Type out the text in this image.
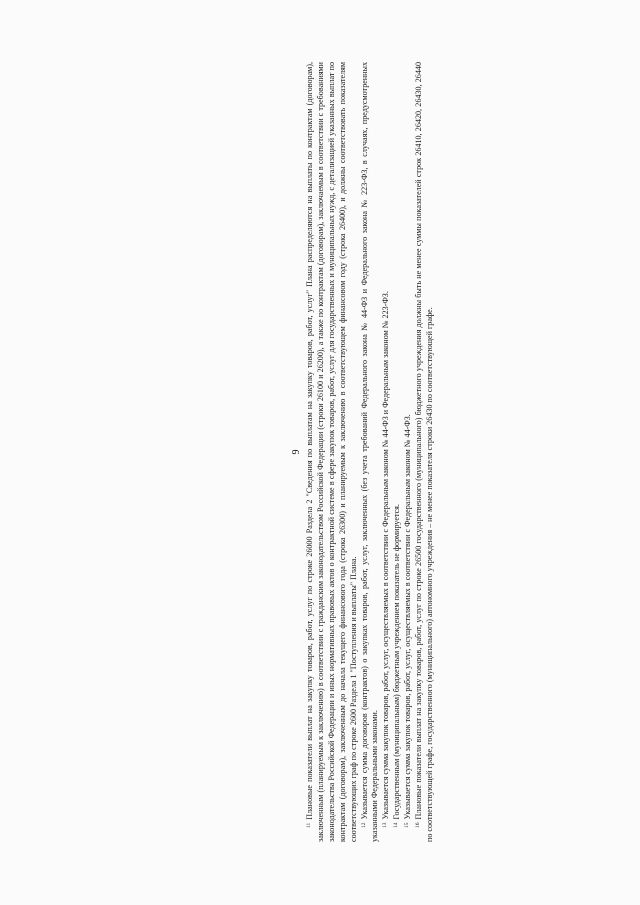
9

$^{11}$Плановые показатели выплат на закупку товаров, работ, услуг по строке 26000 Раздела 2 "Сведения по выплатам на закупку товаров, работ, услуг" Плана распределяются на выплаты по контрактам (договорам), заключенным (планируемым к заключению) в соответствии с гражданским законодательством Российской Федерации (строки 26100 и 26200), а также по контрактам (договорам), заключаемым в соответствии с требованиями законодательства Российской Федерации и иных нормативных правовых актов о контрактной системе в сфере закупок товаров, работ, услуг для государственных и муниципальных нужд, с детализацией указанных выплат по контрактам (договорам), заключенным до начала текущего финансового года (строка 26300) и планируемым к заключению в соответствующем финансовом году (строка 26400), и должны соответствовать показателям соответствующих граф по строке 2600 Раздела 1 "Поступления и выплаты" Плана. $^{12}$Указывается сумма договоров (контрактов) о закупках товаров, работ, услуг, заключенных (без учета требований Федерального закона № 44-ФЗ и Федерального закона № 223-ФЗ, в случаях, предусмотренных указанными Федеральными законами. $^{13}$Указывается сумма закупок товаров, работ, услуг, осуществляемых в соответствии с Федеральным законом № 44-ФЗ и Федеральным законом № 223-ФЗ.

$^{14}$Государственным (муниципальным) бюджетным учреждением показатель не формируется.

$^{15}$Указывается сумма закупок товаров, работ, услуг, осуществляемых в соответствии с Федеральным законом № 44-ФЗ.

$^{16}$Плановые показатели выплат на закупку товаров, работ, услуг по строке 26500 государственного (муниципального) бюджетного учреждения должны быть не менее суммы показателей строк 26410, 26420, 26430, 26440 по соответствующей графе, государственного (муниципального) автономного учреждения – не менее показателя строки 26430 по соответствующей графе.
